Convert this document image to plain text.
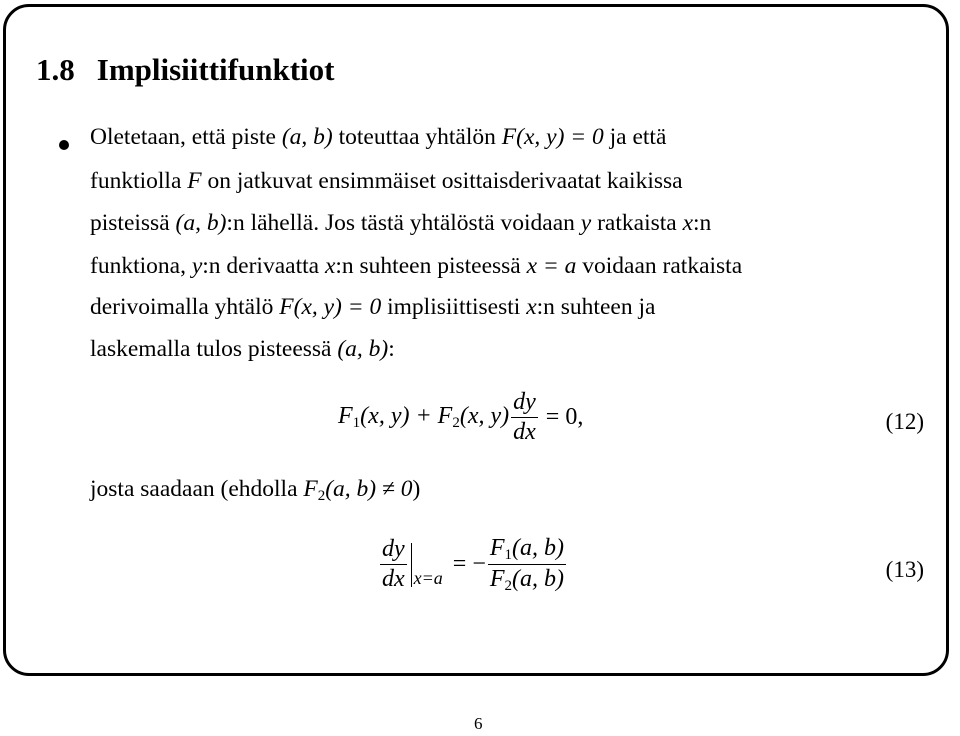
1.8 Implisiittifunktiot
Oletetaan, että piste (a, b) toteuttaa yhtälön F(x, y) = 0 ja että
funktiolla F on jatkuvat ensimmäiset osittaisderivaatat kaikissa
pisteissä (a, b):n lähellä. Jos tästä yhtälöstä voidaan y ratkaista x:n
funktiona, y:n derivaatta x:n suhteen pisteessä x = a voidaan ratkaista
derivoimalla yhtälö F(x, y) = 0 implisiittisesti x:n suhteen ja
laskemalla tulos pisteessä (a, b):
$F_1(x$, $y) + F_2(x$, $y) \frac{dy}{dx} = 0$,	(12)
josta saadaan (ehdolla $F_2(a$, b) ≠ 0)
$\frac{dy}{dx} x=a= - \frac{F_1(a, b)}{F_2(a, b)}$	(13)
6
